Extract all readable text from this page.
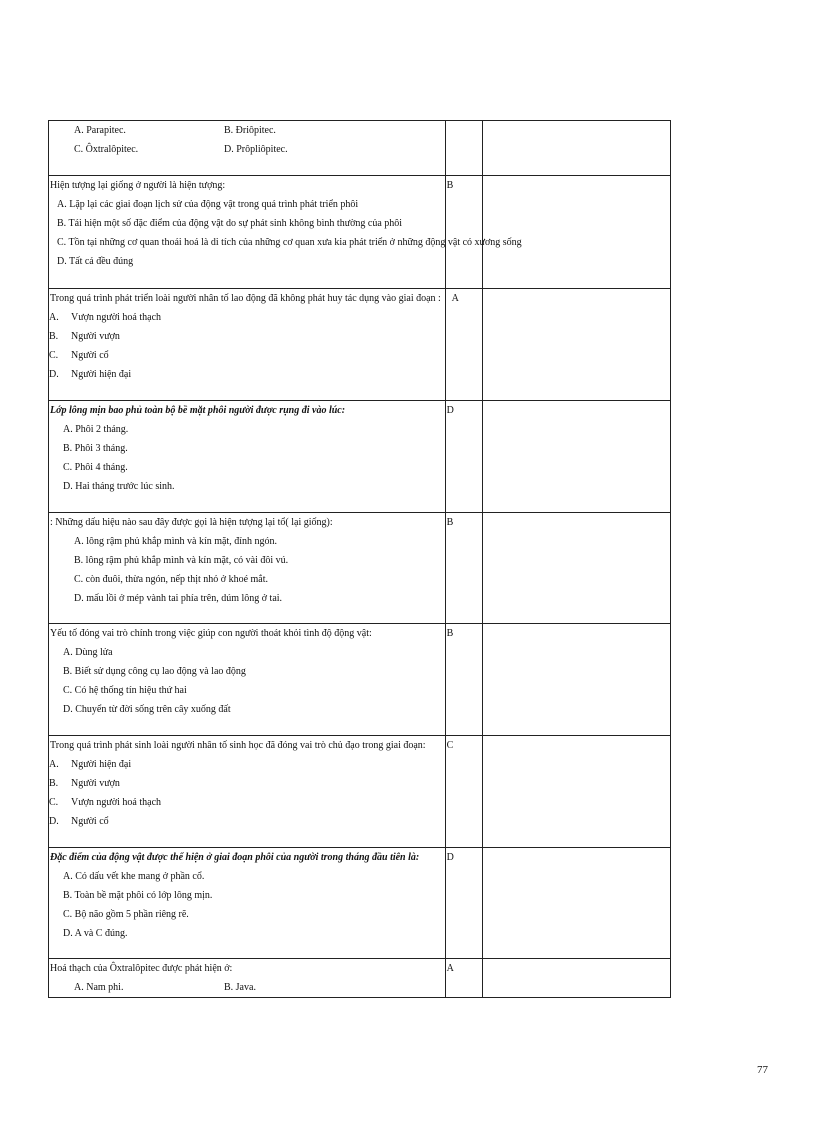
A. Parapitec. B. Đriôpitec.
C. Ôxtralôpitec. D. Prôpliôpitec.		

Hiện tượng lại giống ở người là hiện tượng:
A. Lặp lại các giai đoạn lịch sử của động vật trong quá trình phát triển phôi
B. Tái hiện một số đặc điểm của động vật do sự phát sinh không bình thường của phôi
C. Tồn tại những cơ quan thoái hoá là di tích của những cơ quan xưa kia phát triển ở những động vật có xương sống
D. Tất cả đều đúng	B	

Trong quá trình phát triển loài người nhân tố lao động đã không phát huy tác dụng vào giai đoạn :
A. Vượn người hoá thạch
B. Người vượn
C. Người cổ
D. Người hiện đại	A	

Lớp lông mịn bao phủ toàn bộ bề mặt phôi người được rụng đi vào lúc:
A. Phôi 2 tháng.
B. Phôi 3 tháng.
C. Phôi 4 tháng.
D. Hai tháng trước lúc sinh.	D	

: Những dấu hiệu nào sau đây được gọi là hiện tượng lại tổ( lại giống):
A. lông rậm phủ khắp mình và kín mặt, đính ngón.
B. lông rậm phủ khắp mình và kín mặt, có vài đôi vú.
C. còn đuôi, thừa ngón, nếp thịt nhỏ ở khoé mắt.
D. mấu lồi ở mép vành tai phía trên, dúm lông ở tai.	B	

Yếu tố đóng vai trò chính trong việc giúp con người thoát khỏi tình độ động vật:
A. Dùng lửa
B. Biết sử dụng công cụ lao động và lao động
C. Có hệ thống tín hiệu thứ hai
D. Chuyển từ đời sống trên cây xuống đất	B	

Trong quá trình phát sinh loài người nhân tố sinh học đã đóng vai trò chủ đạo trong giai đoạn:
A. Người hiện đại
B. Người vượn
C. Vượn người hoá thạch
D. Người cổ	C	

Đặc điểm của động vật được thể hiện ở giai đoạn phôi của người trong tháng đầu tiên là:
A. Có dấu vết khe mang ở phần cổ.
B. Toàn bề mặt phôi có lớp lông mịn.
C. Bộ não gồm 5 phần riêng rẽ.
D. A và C đúng.	D	

Hoá thạch của Ôxtralôpitec được phát hiện ở:
A. Nam phi. B. Java.	A	
77
